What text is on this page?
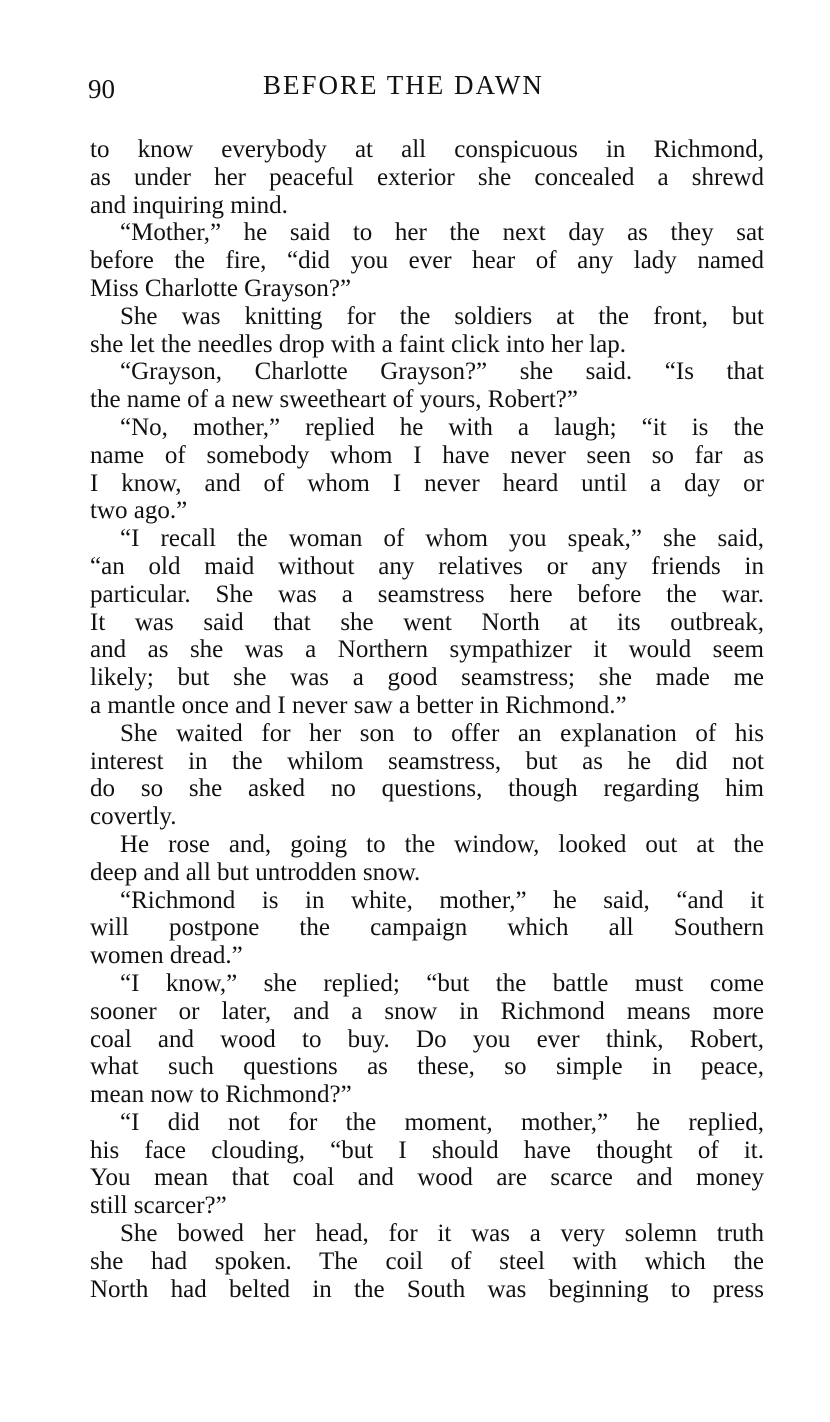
90	BEFORE THE DAWN
to know everybody at all conspicuous in Richmond,
as under her peaceful exterior she concealed a shrewd
and inquiring mind.
“Mother,” he said to her the next day as they sat
before the fire, “did you ever hear of any lady named
Miss Charlotte Grayson?”
She was knitting for the soldiers at the front, but
she let the needles drop with a faint click into her lap.
“Grayson, Charlotte Grayson?” she said. “Is that
the name of a new sweetheart of yours, Robert?”
“No, mother,” replied he with a laugh; “it is the
name of somebody whom I have never seen so far as
I know, and of whom I never heard until a day or
two ago.”
“I recall the woman of whom you speak,” she said,
“an old maid without any relatives or any friends in
particular. She was a seamstress here before the war.
It was said that she went North at its outbreak,
and as she was a Northern sympathizer it would seem
likely; but she was a good seamstress; she made me
a mantle once and I never saw a better in Richmond.”
She waited for her son to offer an explanation of his
interest in the whilom seamstress, but as he did not
do so she asked no questions, though regarding him
covertly.
He rose and, going to the window, looked out at the
deep and all but untrodden snow.
“Richmond is in white, mother,” he said, “and it
will postpone the campaign which all Southern
women dread.”
“I know,” she replied; “but the battle must come
sooner or later, and a snow in Richmond means more
coal and wood to buy. Do you ever think, Robert,
what such questions as these, so simple in peace,
mean now to Richmond?”
“I did not for the moment, mother,” he replied,
his face clouding, “but I should have thought of it.
You mean that coal and wood are scarce and money
still scarcer?”
She bowed her head, for it was a very solemn truth
she had spoken. The coil of steel with which the
North had belted in the South was beginning to press
